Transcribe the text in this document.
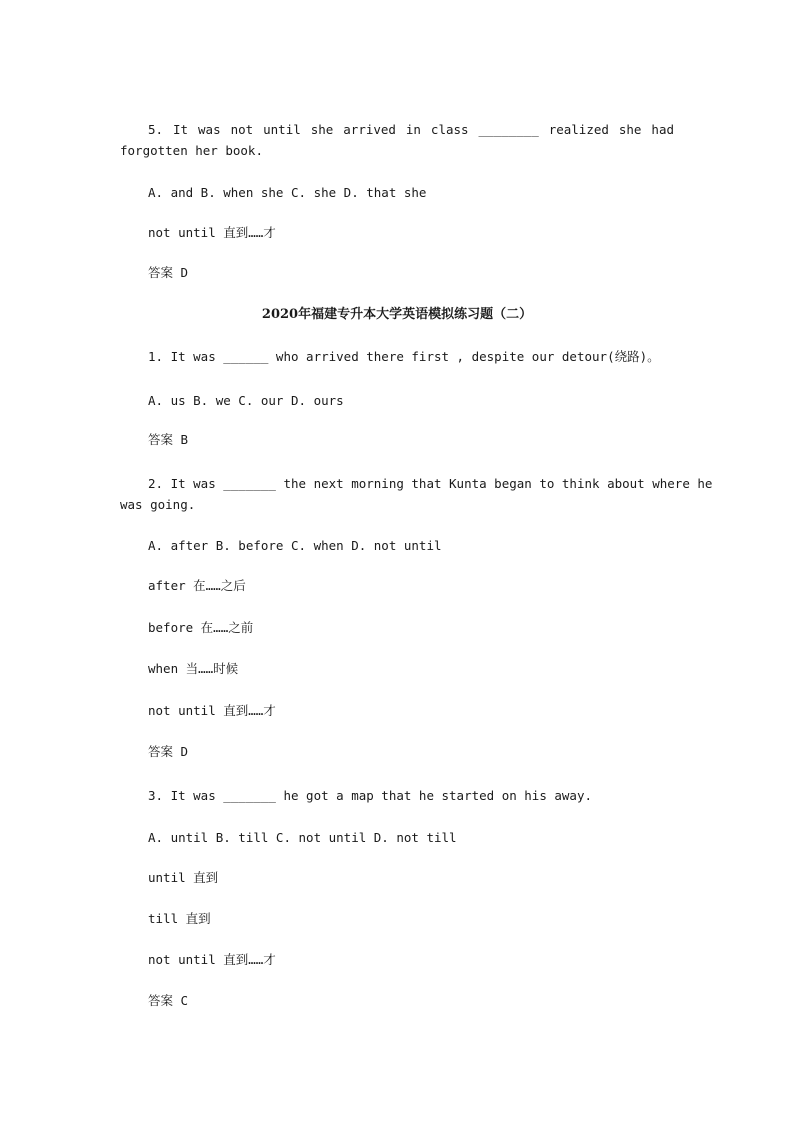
5. It was not until she arrived in class ________ realized she had
forgotten her book.
A. and B. when she C. she D. that she
not until 直到……才
答案 D
2020年福建专升本大学英语模拟练习题（二）
1. It was ______ who arrived there first , despite our detour(绕路)。
A. us B. we C. our D. ours
答案 B
2. It was _______ the next morning that Kunta began to think about where he
was going.
A. after B. before C. when D. not until
after 在……之后
before 在……之前
when 当……时候
not until 直到……才
答案 D
3. It was _______ he got a map that he started on his away.
A. until B. till C. not until D. not till
until 直到
till 直到
not until 直到……才
答案 C
